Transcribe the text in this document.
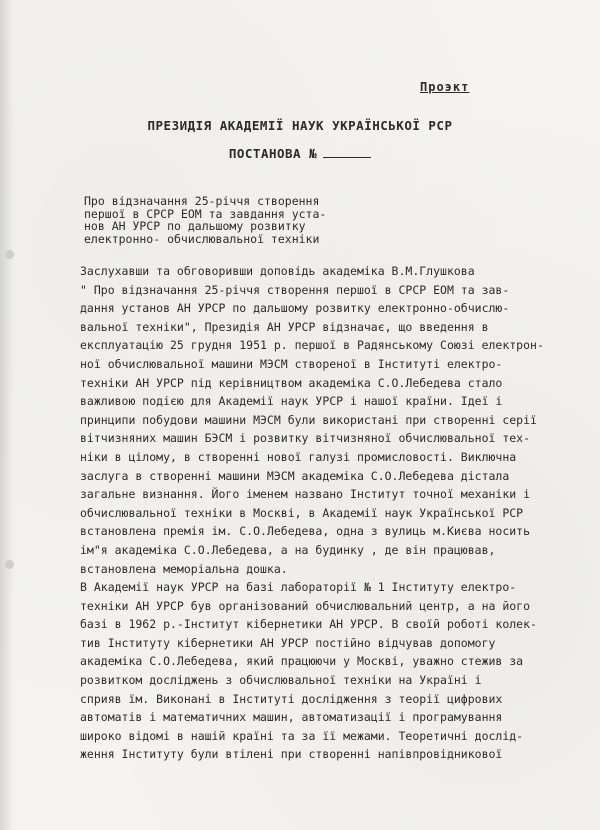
Проэкт
ПРЕЗИДІЯ АКАДЕМІЇ НАУК УКРАЇНСЬКОЇ РСР
ПОСТАНОВА №
Про відзначання 25-річчя створення
першої в СРСР ЕОМ та завдання уста-
нов АН УРСР по дальшому розвитку
електронно- обчислювальної техніки
Заслухавши та обговоривши доповідь академіка В.М.Глушкова
" Про відзначання 25-річчя створення першої в СРСР ЕОМ та зав-
дання установ АН УРСР по дальшому розвитку електронно-обчислю-
вальної техніки", Президія АН УРСР відзначає, що введення в
експлуатацію 25 грудня 1951 р. першої в Радянському Союзі електрон-
ної обчислювальної машини МЭСМ створеної в Інституті електро-
техніки АН УРСР під керівництвом академіка С.О.Лебедева стало
важливою подією для Академії наук УРСР і нашої країни. Ідеї і
принципи побудови машини МЭСМ були використані при створенні серії
вітчизняних машин БЭСМ і розвитку вітчизняної обчислювальної тех-
ніки в цілому, в створенні нової галузі промисловості. Виключна
заслуга в створенні машини МЭСМ академіка С.О.Лебедева дістала
загальне визнання. Його іменем названо Інститут точної механіки і
обчислювальної техніки в Москві, в Академії наук Української РСР
встановлена премія ім. С.О.Лебедева, одна з вулиць м.Києва носить
ім"я академіка С.О.Лебедева, а на будинку , де він працював,
встановлена меморіальна дошка.
В Академії наук УРСР на базі лабораторії № 1 Інституту електро-
техніки АН УРСР був організований обчислювальний центр, а на його
базі в 1962 р.-Інститут кібернетики АН УРСР. В своїй роботі колек-
тив Інституту кібернетики АН УРСР постійно відчував допомогу
академіка С.О.Лебедева, який працюючи у Москві, уважно стежив за
розвитком досліджень з обчислювальної техніки на Україні і
сприяв їм. Виконані в Інституті дослідження з теорії цифрових
автоматів і математичних машин, автоматизації і програмування
широко відомі в нашій країні та за її межами. Теоретичні дослід-
ження Інституту були втілені при створенні напівпровідникової
